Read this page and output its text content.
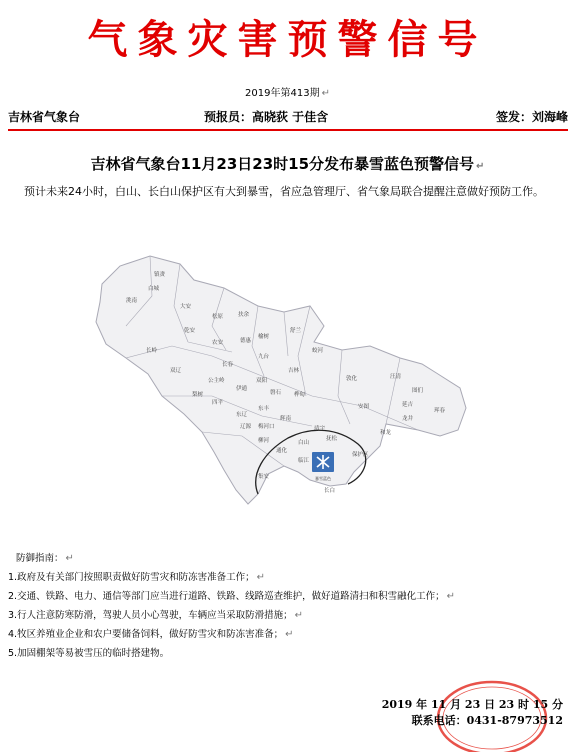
气象灾害预警信号
2019年第413期 ↵
吉林省气象台	预报员：高晓荻 于佳含	签发：刘海峰
吉林省气象台11月23日23时15分发布暴雪蓝色预警信号 ↵
预计未来24小时，白山、长白山保护区有大到暴雪，省应急管理厅、省气象局联合提醒注意做好预防工作。
暴雪蓝色
镇赉
白城
洮南
大安
乾安
松原	扶余
榆树
舒兰
长岭
农安
长春
德惠
九台
吉林
蛟河
敦化	汪清
图们
珲春
延吉
龙井
和龙
安图
公主岭
双辽
梨树
四平
伊通
双阳
磐石 桦甸
东丰
东辽
辽源 梅河口
辉南
柳河
通化
集安
白山
靖宇
抚松
临江
长白
保护区
防御指南： ↵
1.政府及有关部门按照职责做好防雪灾和防冻害准备工作； ↵
2.交通、铁路、电力、通信等部门应当进行道路、铁路、线路巡查维护，做好道路清扫和积雪融化工作； ↵
3.行人注意防寒防滑，驾驶人员小心驾驶，车辆应当采取防滑措施； ↵
4.牧区养殖业企业和农户要储备饲料，做好防雪灾和防冻害准备； ↵
5.加固棚架等易被雪压的临时搭建物。
2019 年 11 月 23 日 23 时 15 分
联系电话：0431-87973512
